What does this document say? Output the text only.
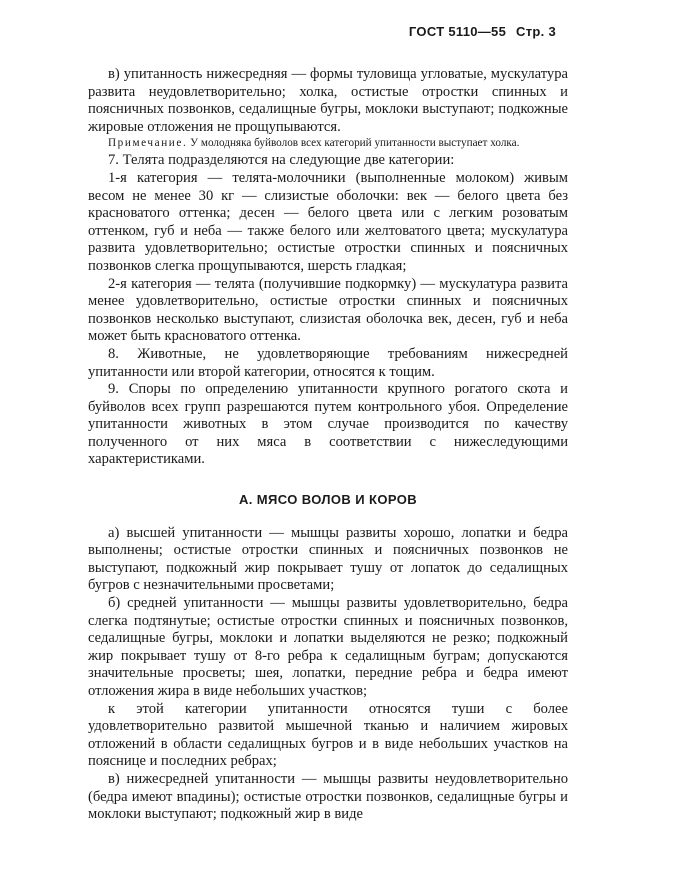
ГОСТ 5110—55 Стр. 3

в) упитанность нижесредняя — формы туловища угловатые, мускулатура развита неудовлетворительно; холка, остистые отростки спинных и поясничных позвонков, седалищные бугры, моклоки выступают; подкожные жировые отложения не прощупываются.

Примечание. У молодняка буйволов всех категорий упитанности выступает холка.

7. Телята подразделяются на следующие две категории:

1-я категория — телята-молочники (выполненные молоком) живым весом не менее 30 кг — слизистые оболочки: век — белого цвета без красноватого оттенка; десен — белого цвета или с легким розоватым оттенком, губ и неба — также белого или желтоватого цвета; мускулатура развита удовлетворительно; остистые отростки спинных и поясничных позвонков слегка прощупываются, шерсть гладкая;

2-я категория — телята (получившие подкормку) — мускулатура развита менее удовлетворительно, остистые отростки спинных и поясничных позвонков несколько выступают, слизистая оболочка век, десен, губ и неба может быть красноватого оттенка.

8. Животные, не удовлетворяющие требованиям нижесредней упитанности или второй категории, относятся к тощим.

9. Споры по определению упитанности крупного рогатого скота и буйволов всех групп разрешаются путем контрольного убоя. Определение упитанности животных в этом случае производится по качеству полученного от них мяса в соответствии с нижеследующими характеристиками.

А. МЯСО ВОЛОВ И КОРОВ

а) высшей упитанности — мышцы развиты хорошо, лопатки и бедра выполнены; остистые отростки спинных и поясничных позвонков не выступают, подкожный жир покрывает тушу от лопаток до седалищных бугров с незначительными просветами;

б) средней упитанности — мышцы развиты удовлетворительно, бедра слегка подтянутые; остистые отростки спинных и поясничных позвонков, седалищные бугры, моклоки и лопатки выделяются не резко; подкожный жир покрывает тушу от 8-го ребра к седалищным буграм; допускаются значительные просветы; шея, лопатки, передние ребра и бедра имеют отложения жира в виде небольших участков;

к этой категории упитанности относятся туши с более удовлетворительно развитой мышечной тканью и наличием жировых отложений в области седалищных бугров и в виде небольших участков на пояснице и последних ребрах;

в) нижесредней упитанности — мышцы развиты неудовлетворительно (бедра имеют впадины); остистые отростки позвонков, седалищные бугры и моклоки выступают; подкожный жир в виде
